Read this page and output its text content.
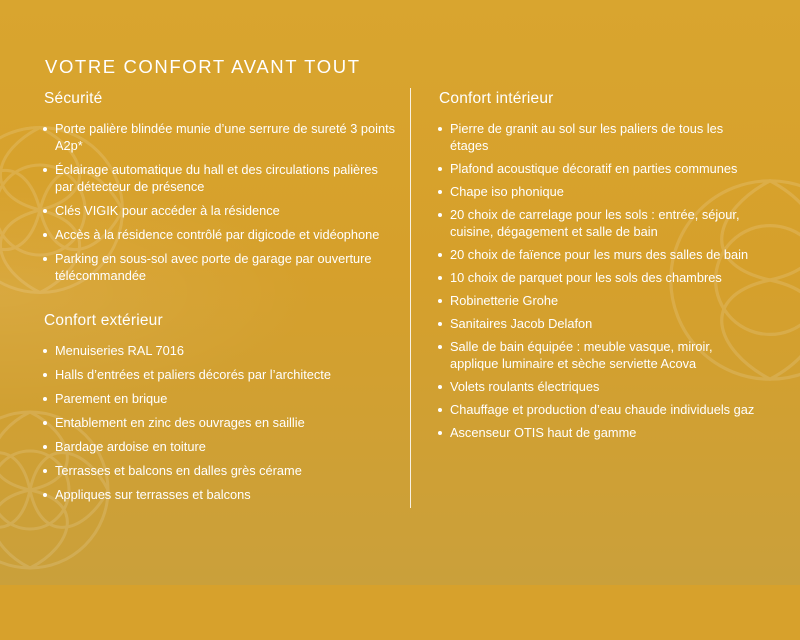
VOTRE CONFORT AVANT TOUT
Sécurité
Porte palière blindée munie d’une serrure de sureté 3 points A2p*
Éclairage automatique du hall et des circulations palières par détecteur de présence
Clés VIGIK pour accéder à la résidence
Accès à la résidence contrôlé par digicode et vidéophone
Parking en sous-sol avec porte de garage par ouverture télécommandée
Confort extérieur
Menuiseries RAL 7016
Halls d’entrées et paliers décorés par l’architecte
Parement en brique
Entablement en zinc des ouvrages en saillie
Bardage ardoise en toiture
Terrasses et balcons en dalles grès cérame
Appliques sur terrasses et balcons
Confort intérieur
Pierre de granit au sol sur les paliers de tous les étages
Plafond acoustique décoratif en parties communes
Chape iso phonique
20 choix de carrelage pour les sols : entrée, séjour, cuisine, dégagement et salle de bain
20 choix de faïence pour les murs des salles de bain
10 choix de parquet pour les sols des chambres
Robinetterie Grohe
Sanitaires Jacob Delafon
Salle de bain équipée : meuble vasque, miroir, applique luminaire et sèche serviette Acova
Volets roulants électriques
Chauffage et production d’eau chaude individuels gaz
Ascenseur OTIS haut de gamme
